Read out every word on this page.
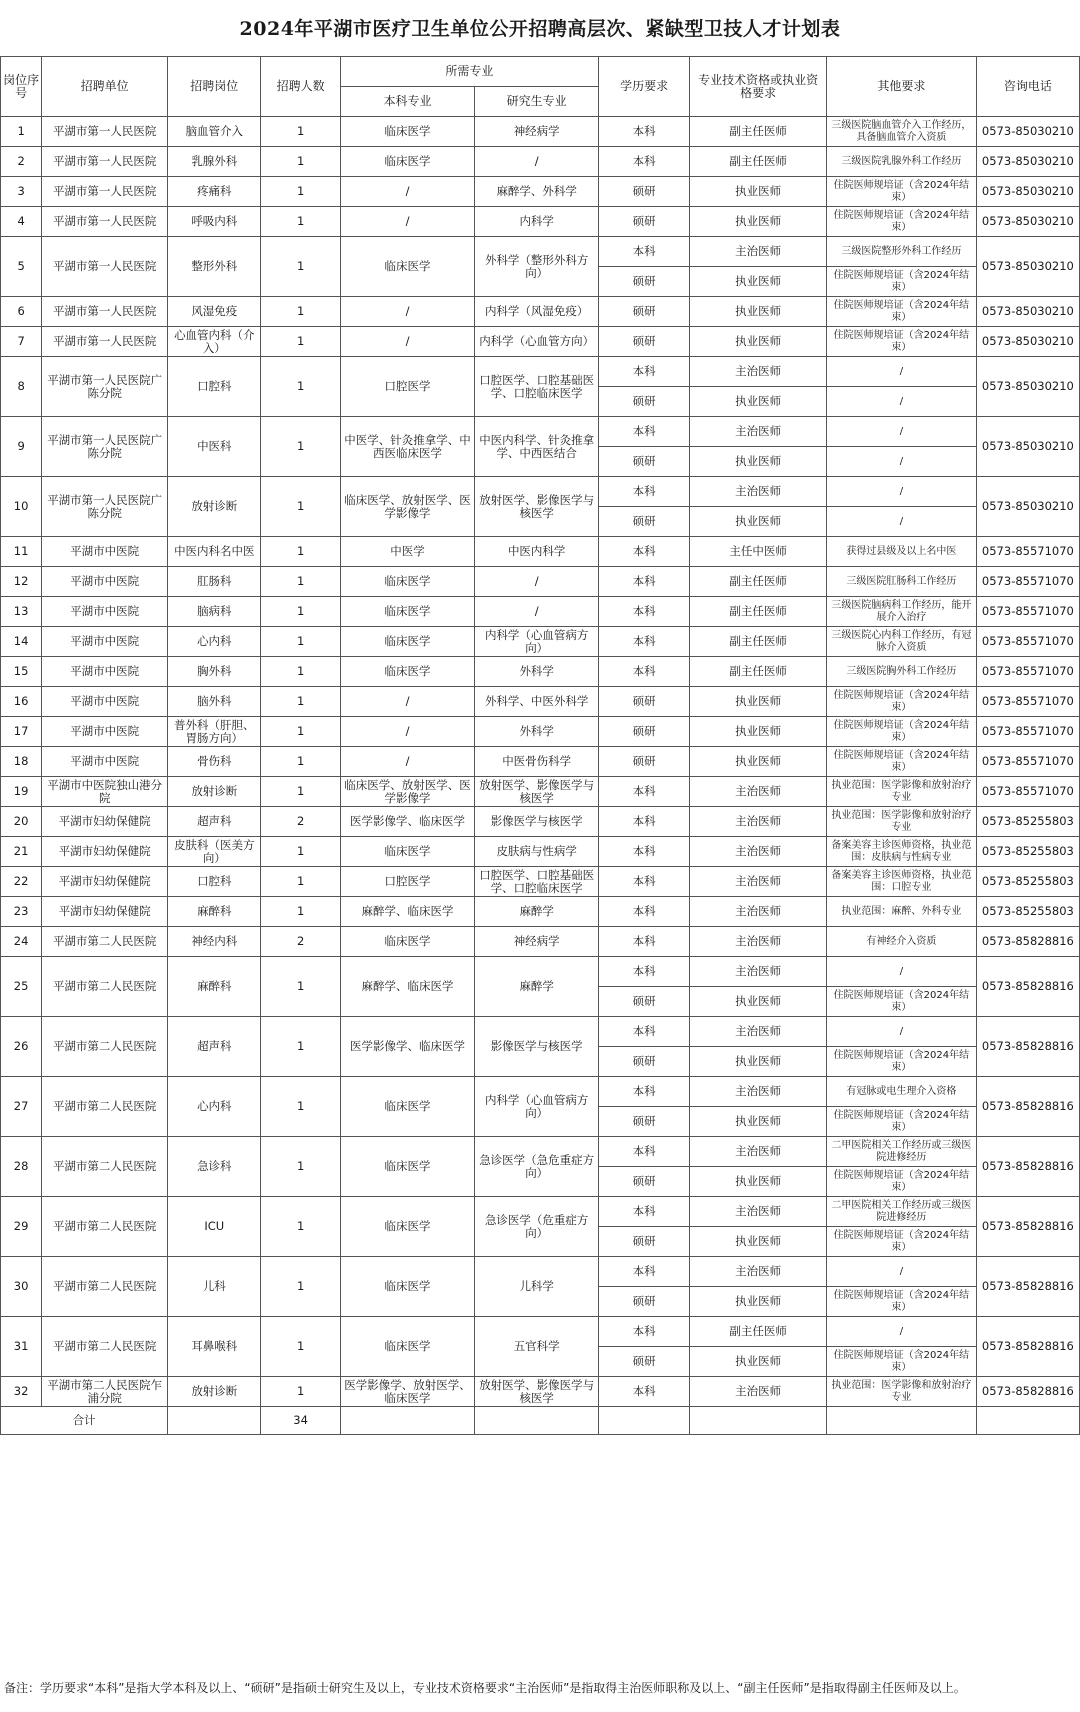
2024年平湖市医疗卫生单位公开招聘高层次、紧缺型卫技人才计划表
岗位序号	招聘单位	招聘岗位	招聘人数	所需专业		学历要求	专业技术资格或执业资格要求	其他要求	咨询电话
				本科专业	研究生专业				
1	平湖市第一人民医院	脑血管介入	1	临床医学	神经病学	本科	副主任医师	三级医院脑血管介入工作经历，具备脑血管介入资质	0573-85030210
2	平湖市第一人民医院	乳腺外科	1	临床医学	/	本科	副主任医师	三级医院乳腺外科工作经历	0573-85030210
3	平湖市第一人民医院	疼痛科	1	/	麻醉学、外科学	硕研	执业医师	住院医师规培证（含2024年结束）	0573-85030210
4	平湖市第一人民医院	呼吸内科	1	/	内科学	硕研	执业医师	住院医师规培证（含2024年结束）	0573-85030210
5	平湖市第一人民医院	整形外科	1	临床医学	外科学（整形外科方向）	本科	主治医师	三级医院整形外科工作经历	0573-85030210
						硕研	执业医师	住院医师规培证（含2024年结束）	
6	平湖市第一人民医院	风湿免疫	1	/	内科学（风湿免疫）	硕研	执业医师	住院医师规培证（含2024年结束）	0573-85030210
7	平湖市第一人民医院	心血管内科（介入）	1	/	内科学（心血管方向）	硕研	执业医师	住院医师规培证（含2024年结束）	0573-85030210
8	平湖市第一人民医院广陈分院	口腔科	1	口腔医学	口腔医学、口腔基础医学、口腔临床医学	本科	主治医师	/	0573-85030210
						硕研	执业医师	/	
9	平湖市第一人民医院广陈分院	中医科	1	中医学、针灸推拿学、中西医临床医学	中医内科学、针灸推拿学、中西医结合	本科	主治医师	/	0573-85030210
						硕研	执业医师	/	
10	平湖市第一人民医院广陈分院	放射诊断	1	临床医学、放射医学、医学影像学	放射医学、影像医学与核医学	本科	主治医师	/	0573-85030210
						硕研	执业医师	/	
11	平湖市中医院	中医内科名中医	1	中医学	中医内科学	本科	主任中医师	获得过县级及以上名中医	0573-85571070
12	平湖市中医院	肛肠科	1	临床医学	/	本科	副主任医师	三级医院肛肠科工作经历	0573-85571070
13	平湖市中医院	脑病科	1	临床医学	/	本科	副主任医师	三级医院脑病科工作经历，能开展介入治疗	0573-85571070
14	平湖市中医院	心内科	1	临床医学	内科学（心血管病方向）	本科	副主任医师	三级医院心内科工作经历，有冠脉介入资质	0573-85571070
15	平湖市中医院	胸外科	1	临床医学	外科学	本科	副主任医师	三级医院胸外科工作经历	0573-85571070
16	平湖市中医院	脑外科	1	/	外科学、中医外科学	硕研	执业医师	住院医师规培证（含2024年结束）	0573-85571070
17	平湖市中医院	普外科（肝胆、胃肠方向）	1	/	外科学	硕研	执业医师	住院医师规培证（含2024年结束）	0573-85571070
18	平湖市中医院	骨伤科	1	/	中医骨伤科学	硕研	执业医师	住院医师规培证（含2024年结束）	0573-85571070
19	平湖市中医院独山港分院	放射诊断	1	临床医学、放射医学、医学影像学	放射医学、影像医学与核医学	本科	主治医师	执业范围：医学影像和放射治疗专业	0573-85571070
20	平湖市妇幼保健院	超声科	2	医学影像学、临床医学	影像医学与核医学	本科	主治医师	执业范围：医学影像和放射治疗专业	0573-85255803
21	平湖市妇幼保健院	皮肤科（医美方向）	1	临床医学	皮肤病与性病学	本科	主治医师	备案美容主诊医师资格，执业范围：皮肤病与性病专业	0573-85255803
22	平湖市妇幼保健院	口腔科	1	口腔医学	口腔医学、口腔基础医学、口腔临床医学	本科	主治医师	备案美容主诊医师资格，执业范围：口腔专业	0573-85255803
23	平湖市妇幼保健院	麻醉科	1	麻醉学、临床医学	麻醉学	本科	主治医师	执业范围：麻醉、外科专业	0573-85255803
24	平湖市第二人民医院	神经内科	2	临床医学	神经病学	本科	主治医师	有神经介入资质	0573-85828816
25	平湖市第二人民医院	麻醉科	1	麻醉学、临床医学	麻醉学	本科	主治医师	/	0573-85828816
						硕研	执业医师	住院医师规培证（含2024年结束）	
26	平湖市第二人民医院	超声科	1	医学影像学、临床医学	影像医学与核医学	本科	主治医师	/	0573-85828816
						硕研	执业医师	住院医师规培证（含2024年结束）	
27	平湖市第二人民医院	心内科	1	临床医学	内科学（心血管病方向）	本科	主治医师	有冠脉或电生理介入资格	0573-85828816
						硕研	执业医师	住院医师规培证（含2024年结束）	
28	平湖市第二人民医院	急诊科	1	临床医学	急诊医学（急危重症方向）	本科	主治医师	二甲医院相关工作经历或三级医院进修经历	0573-85828816
						硕研	执业医师	住院医师规培证（含2024年结束）	
29	平湖市第二人民医院	ICU	1	临床医学	急诊医学（危重症方向）	本科	主治医师	二甲医院相关工作经历或三级医院进修经历	0573-85828816
						硕研	执业医师	住院医师规培证（含2024年结束）	
30	平湖市第二人民医院	儿科	1	临床医学	儿科学	本科	主治医师	/	0573-85828816
						硕研	执业医师	住院医师规培证（含2024年结束）	
31	平湖市第二人民医院	耳鼻喉科	1	临床医学	五官科学	本科	副主任医师	/	0573-85828816
						硕研	执业医师	住院医师规培证（含2024年结束）	
32	平湖市第二人民医院乍浦分院	放射诊断	1	医学影像学、放射医学、临床医学	放射医学、影像医学与核医学	本科	主治医师	执业范围：医学影像和放射治疗专业	0573-85828816
合计			34						
备注：学历要求“本科”是指大学本科及以上、“硕研”是指硕士研究生及以上，专业技术资格要求“主治医师”是指取得主治医师职称及以上、“副主任医师”是指取得副主任医师及以上。
